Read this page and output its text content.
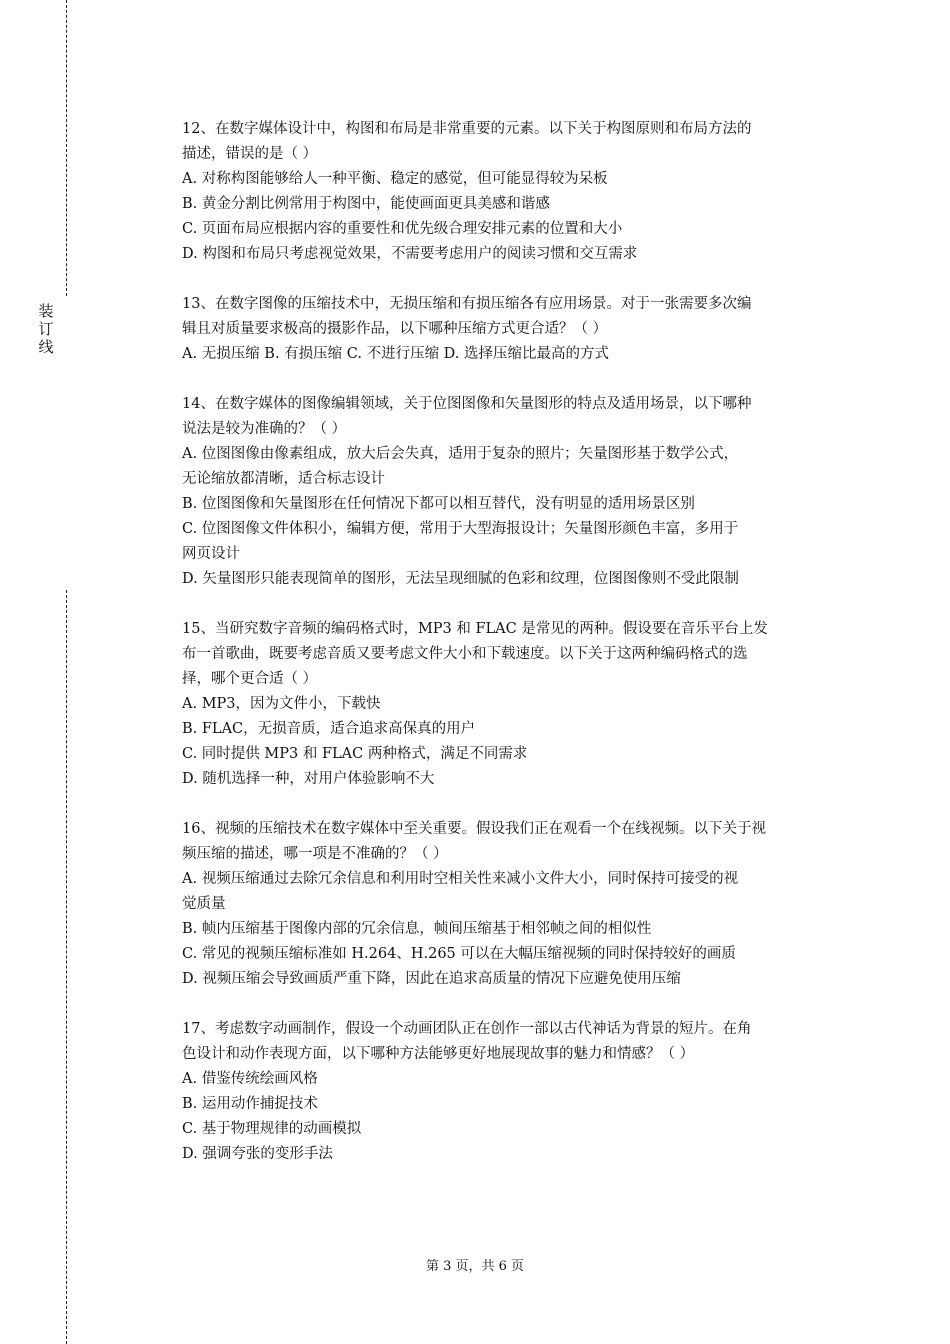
装
订
线

12、在数字媒体设计中，构图和布局是非常重要的元素。以下关于构图原则和布局方法的

描述，错误的是（ ）

A. 对称构图能够给人一种平衡、稳定的感觉，但可能显得较为呆板

B. 黄金分割比例常用于构图中，能使画面更具美感和谐感

C. 页面布局应根据内容的重要性和优先级合理安排元素的位置和大小

D. 构图和布局只考虑视觉效果，不需要考虑用户的阅读习惯和交互需求

13、在数字图像的压缩技术中，无损压缩和有损压缩各有应用场景。对于一张需要多次编

辑且对质量要求极高的摄影作品，以下哪种压缩方式更合适？（ ）

A. 无损压缩 B. 有损压缩 C. 不进行压缩 D. 选择压缩比最高的方式

14、在数字媒体的图像编辑领域，关于位图图像和矢量图形的特点及适用场景，以下哪种

说法是较为准确的？（ ）

A. 位图图像由像素组成，放大后会失真，适用于复杂的照片；矢量图形基于数学公式，

无论缩放都清晰，适合标志设计

B. 位图图像和矢量图形在任何情况下都可以相互替代，没有明显的适用场景区别

C. 位图图像文件体积小，编辑方便，常用于大型海报设计；矢量图形颜色丰富，多用于

网页设计

D. 矢量图形只能表现简单的图形，无法呈现细腻的色彩和纹理，位图图像则不受此限制

15、当研究数字音频的编码格式时，MP3 和 FLAC 是常见的两种。假设要在音乐平台上发

布一首歌曲，既要考虑音质又要考虑文件大小和下载速度。以下关于这两种编码格式的选

择，哪个更合适（ ）

A. MP3，因为文件小，下载快

B. FLAC，无损音质，适合追求高保真的用户

C. 同时提供 MP3 和 FLAC 两种格式，满足不同需求

D. 随机选择一种，对用户体验影响不大

16、视频的压缩技术在数字媒体中至关重要。假设我们正在观看一个在线视频。以下关于视

频压缩的描述，哪一项是不准确的？（ ）

A. 视频压缩通过去除冗余信息和利用时空相关性来减小文件大小，同时保持可接受的视

觉质量

B. 帧内压缩基于图像内部的冗余信息，帧间压缩基于相邻帧之间的相似性

C. 常见的视频压缩标准如 H.264、H.265 可以在大幅压缩视频的同时保持较好的画质

D. 视频压缩会导致画质严重下降，因此在追求高质量的情况下应避免使用压缩

17、考虑数字动画制作，假设一个动画团队正在创作一部以古代神话为背景的短片。在角

色设计和动作表现方面，以下哪种方法能够更好地展现故事的魅力和情感？（ ）

A. 借鉴传统绘画风格

B. 运用动作捕捉技术

C. 基于物理规律的动画模拟

D. 强调夸张的变形手法

第 3 页，共 6 页
